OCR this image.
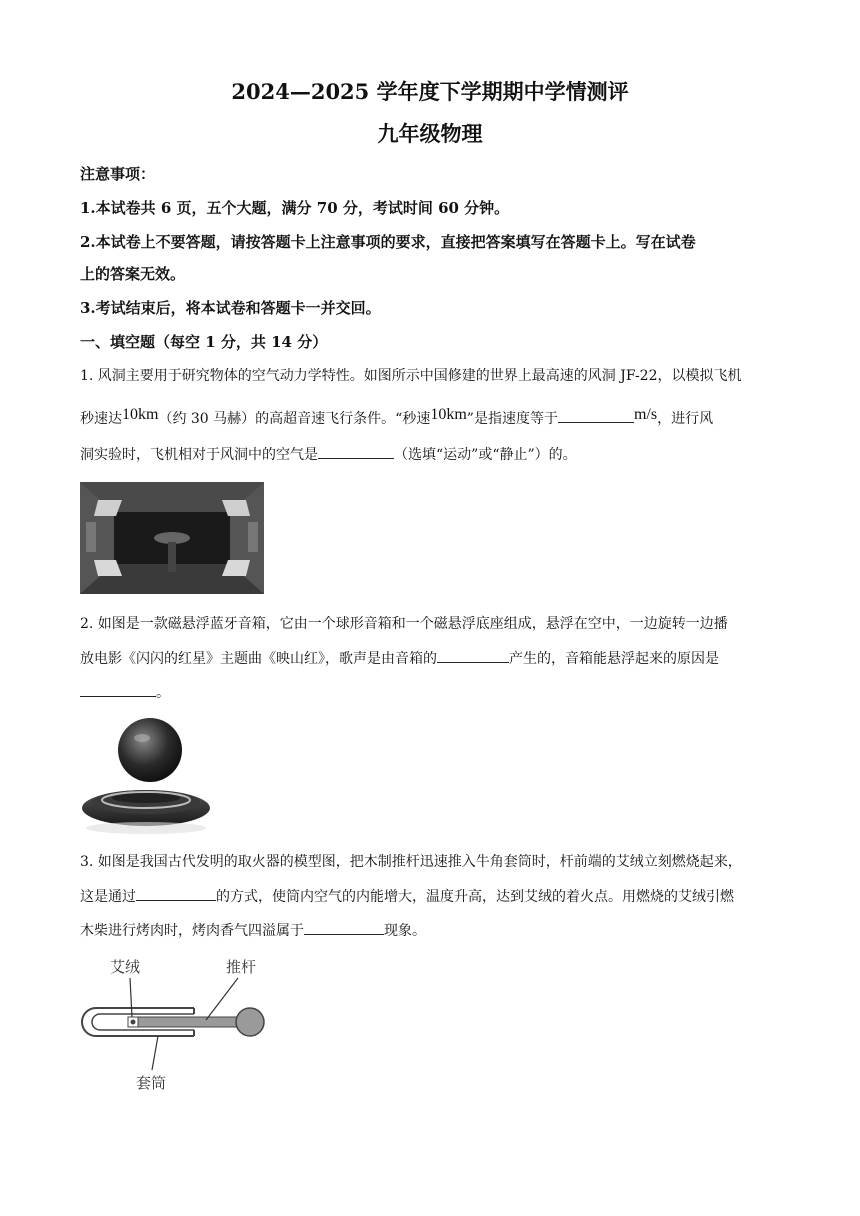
2024—2025 学年度下学期期中学情测评
九年级物理
注意事项：
1.本试卷共 6 页，五个大题，满分 70 分，考试时间 60 分钟。
2.本试卷上不要答题，请按答题卡上注意事项的要求，直接把答案填写在答题卡上。写在试卷
上的答案无效。
3.考试结束后，将本试卷和答题卡一并交回。
一、填空题（每空 1 分，共 14 分）
1. 风洞主要用于研究物体的空气动力学特性。如图所示中国修建的世界上最高速的风洞 JF-22，以模拟飞机
秒速达10km（约 30 马赫）的高超音速飞行条件。“秒速10km”是指速度等于	m/s，进行风
洞实验时，飞机相对于风洞中的空气是	（选填“运动”或“静止”）的。
2. 如图是一款磁悬浮蓝牙音箱，它由一个球形音箱和一个磁悬浮底座组成，悬浮在空中，一边旋转一边播
放电影《闪闪的红星》主题曲《映山红》，歌声是由音箱的	产生的，音箱能悬浮起来的原因是
。
3. 如图是我国古代发明的取火器的模型图，把木制推杆迅速推入牛角套筒时，杆前端的艾绒立刻燃烧起来，
这是通过	的方式，使筒内空气的内能增大，温度升高，达到艾绒的着火点。用燃烧的艾绒引燃
木柴进行烤肉时，烤肉香气四溢属于	现象。
艾绒	推杆
套筒
